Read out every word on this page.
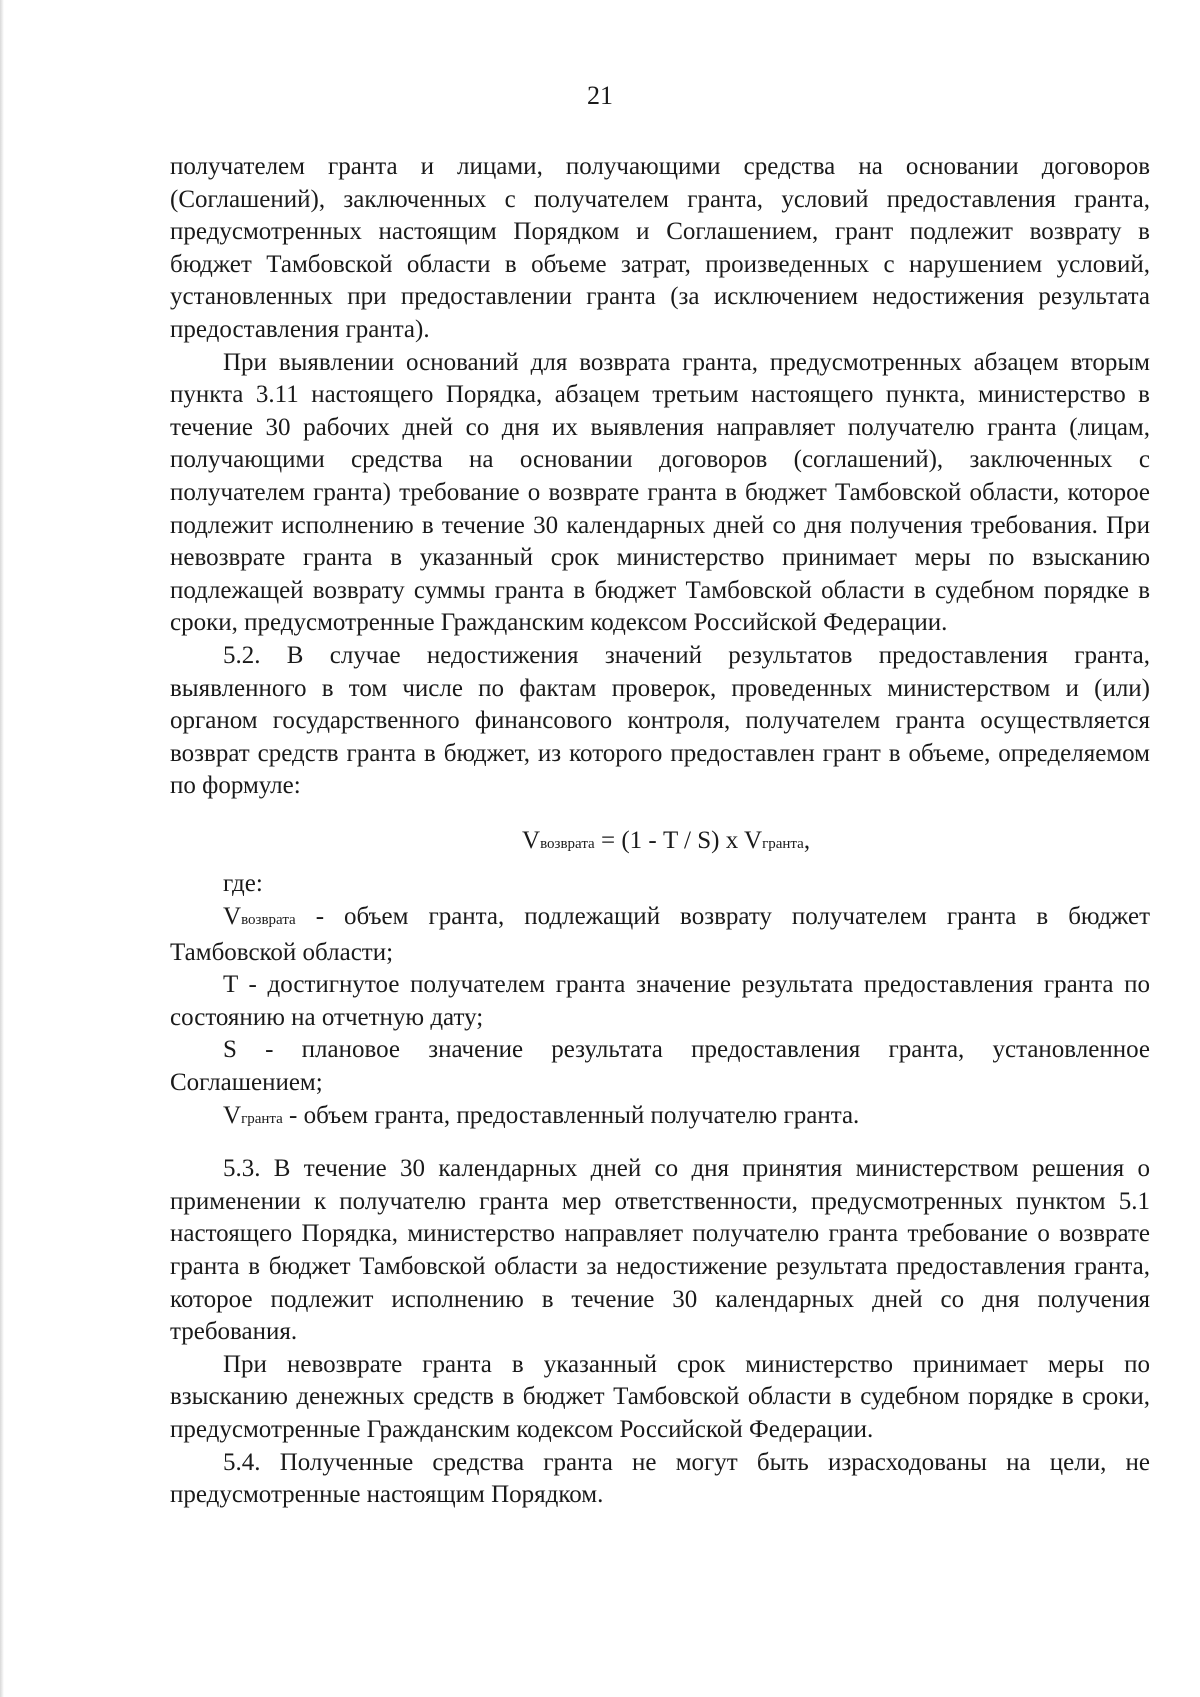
21

получателем гранта и лицами, получающими средства на основании договоров (Соглашений), заключенных с получателем гранта, условий предоставления гранта, предусмотренных настоящим Порядком и Соглашением, грант подлежит возврату в бюджет Тамбовской области в объеме затрат, произведенных с нарушением условий, установленных при предоставлении гранта (за исключением недостижения результата предоставления гранта).

При выявлении оснований для возврата гранта, предусмотренных абзацем вторым пункта 3.11 настоящего Порядка, абзацем третьим настоящего пункта, министерство в течение 30 рабочих дней со дня их выявления направляет получателю гранта (лицам, получающими средства на основании договоров (соглашений), заключенных с получателем гранта) требование о возврате гранта в бюджет Тамбовской области, которое подлежит исполнению в течение 30 календарных дней со дня получения требования. При невозврате гранта в указанный срок министерство принимает меры по взысканию подлежащей возврату суммы гранта в бюджет Тамбовской области в судебном порядке в сроки, предусмотренные Гражданским кодексом Российской Федерации.

5.2. В случае недостижения значений результатов предоставления гранта, выявленного в том числе по фактам проверок, проведенных министерством и (или) органом государственного финансового контроля, получателем гранта осуществляется возврат средств гранта в бюджет, из которого предоставлен грант в объеме, определяемом по формуле:

Vвозврата = (1 - T / S) x Vгранта,

где:

Vвозврата - объем гранта, подлежащий возврату получателем гранта в бюджет Тамбовской области;

T - достигнутое получателем гранта значение результата предоставления гранта по состоянию на отчетную дату;

S - плановое значение результата предоставления гранта, установленное Соглашением;

Vгранта - объем гранта, предоставленный получателю гранта.

5.3. В течение 30 календарных дней со дня принятия министерством решения о применении к получателю гранта мер ответственности, предусмотренных пунктом 5.1 настоящего Порядка, министерство направляет получателю гранта требование о возврате гранта в бюджет Тамбовской области за недостижение результата предоставления гранта, которое подлежит исполнению в течение 30 календарных дней со дня получения требования.

При невозврате гранта в указанный срок министерство принимает меры по взысканию денежных средств в бюджет Тамбовской области в судебном порядке в сроки, предусмотренные Гражданским кодексом Российской Федерации.

5.4. Полученные средства гранта не могут быть израсходованы на цели, не предусмотренные настоящим Порядком.
